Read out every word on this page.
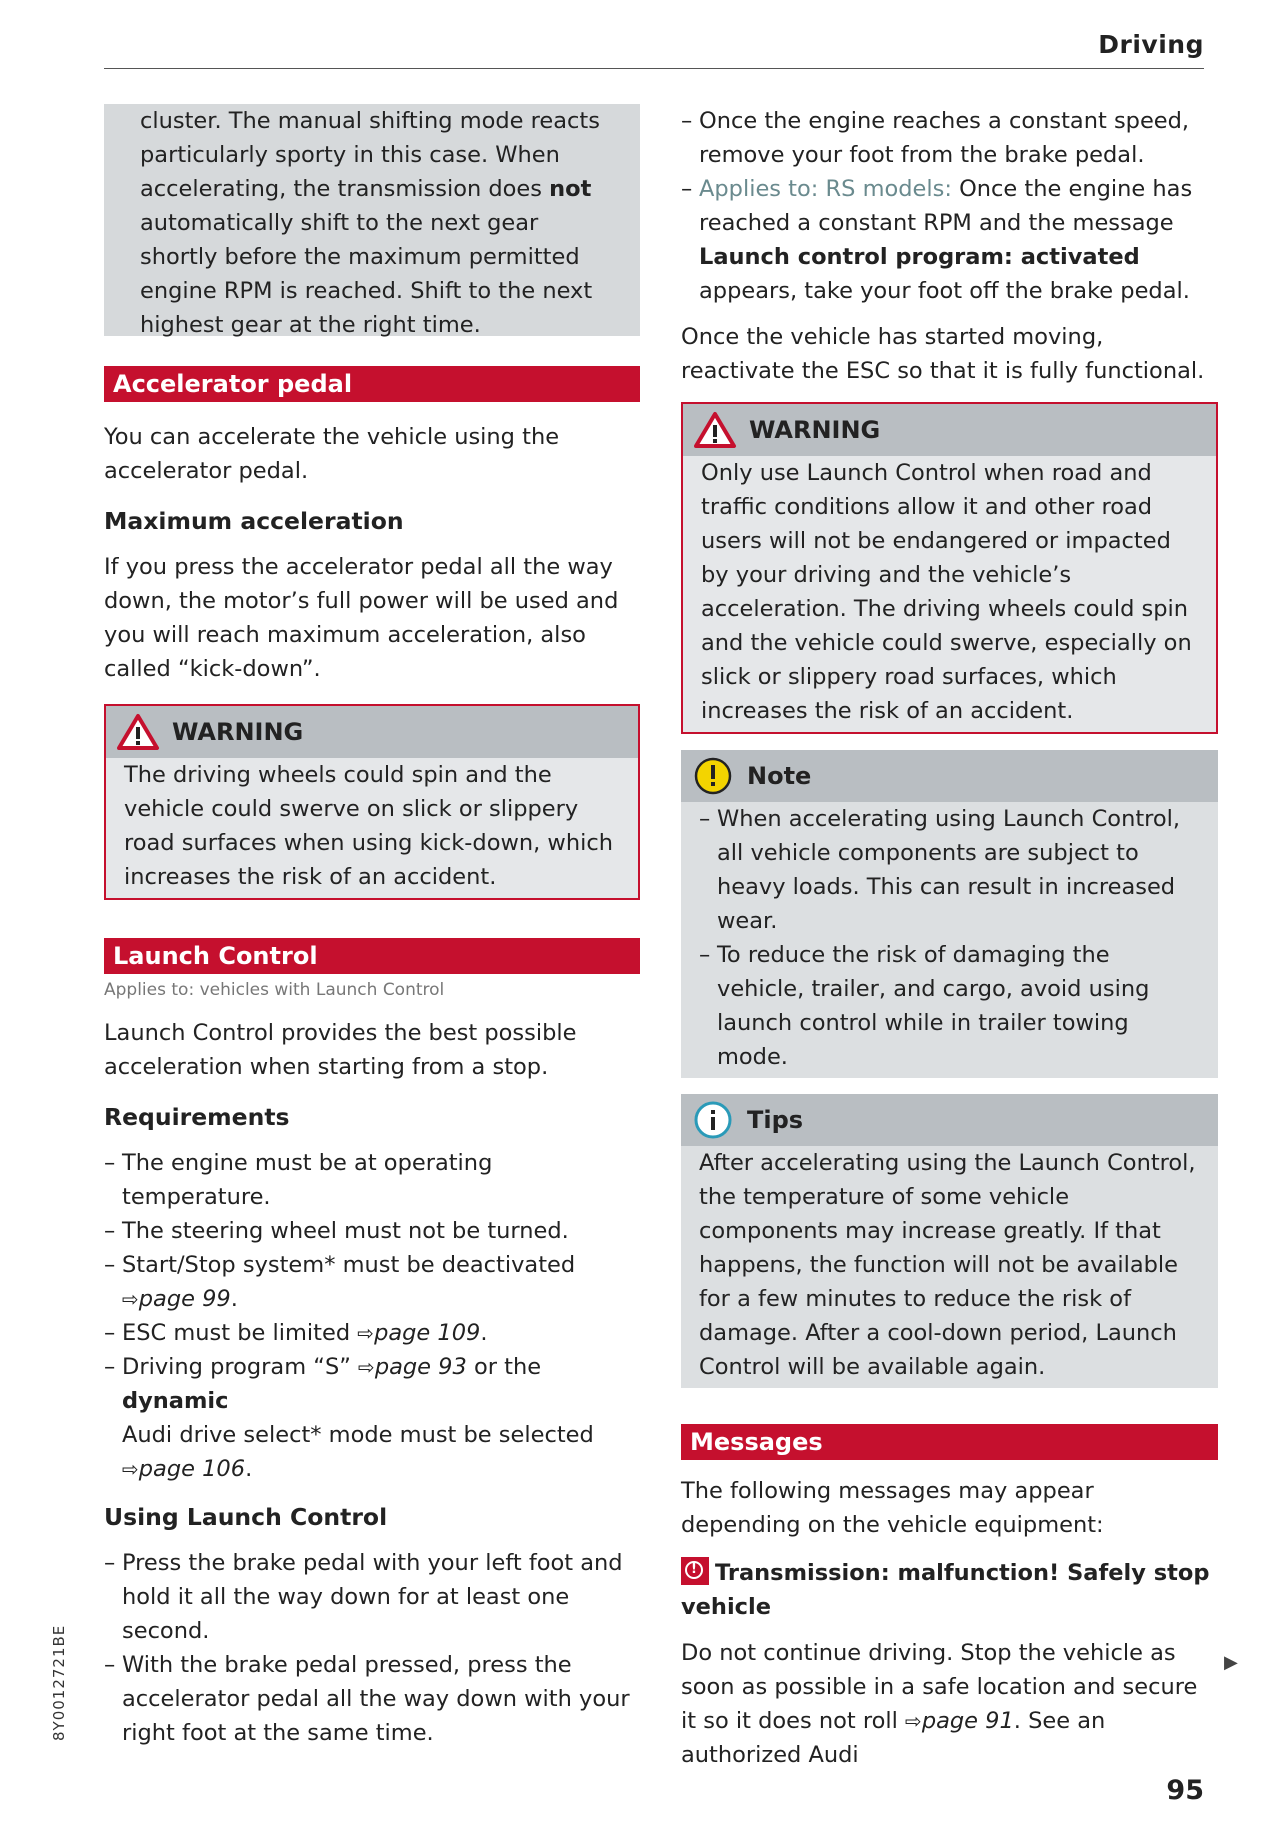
Driving

cluster. The manual shifting mode reacts particularly sporty in this case. When accelerating, the transmission does not automatically shift to the next gear shortly before the maximum permitted engine RPM is reached. Shift to the next highest gear at the right time.

Accelerator pedal

You can accelerate the vehicle using the accelerator pedal.

Maximum acceleration

If you press the accelerator pedal all the way down, the motor’s full power will be used and you will reach maximum acceleration, also called “kick-down”.

WARNING
The driving wheels could spin and the vehicle could swerve on slick or slippery road surfaces when using kick-down, which increases the risk of an accident.
Launch Control
Applies to: vehicles with Launch Control

Launch Control provides the best possible acceleration when starting from a stop.

Requirements

– The engine must be at operating temperature.
– The steering wheel must not be turned.
– Start/Stop system* must be deactivated
⇨page 99.
– ESC must be limited ⇨page 109.
– Driving program “S” ⇨page 93 or the dynamic
Audi drive select* mode must be selected
⇨page 106.

Using Launch Control

– Press the brake pedal with your left foot and hold it all the way down for at least one second.
– With the brake pedal pressed, press the accelerator pedal all the way down with your right foot at the same time.
– Once the engine reaches a constant speed, remove your foot from the brake pedal.
– Applies to: RS models: Once the engine has reached a constant RPM and the message Launch control program: activated appears, take your foot off the brake pedal.

Once the vehicle has started moving, reactivate the ESC so that it is fully functional.

WARNING
Only use Launch Control when road and traffic conditions allow it and other road users will not be endangered or impacted by your driving and the vehicle’s acceleration. The driving wheels could spin and the vehicle could swerve, especially on slick or slippery road surfaces, which increases the risk of an accident.
Note
– When accelerating using Launch Control, all vehicle components are subject to heavy loads. This can result in increased wear.
– To reduce the risk of damaging the vehicle, trailer, and cargo, avoid using launch control while in trailer towing mode.
Tips
After accelerating using the Launch Control, the temperature of some vehicle components may increase greatly. If that happens, the function will not be available for a few minutes to reduce the risk of damage. After a cool-down period, Launch Control will be available again.
Messages

The following messages may appear depending on the vehicle equipment:

! Transmission: malfunction! Safely stop vehicle

Do not continue driving. Stop the vehicle as soon as possible in a safe location and secure it so it does not roll ⇨page 91. See an authorized Audi

▶
95
8Y0012721BE
